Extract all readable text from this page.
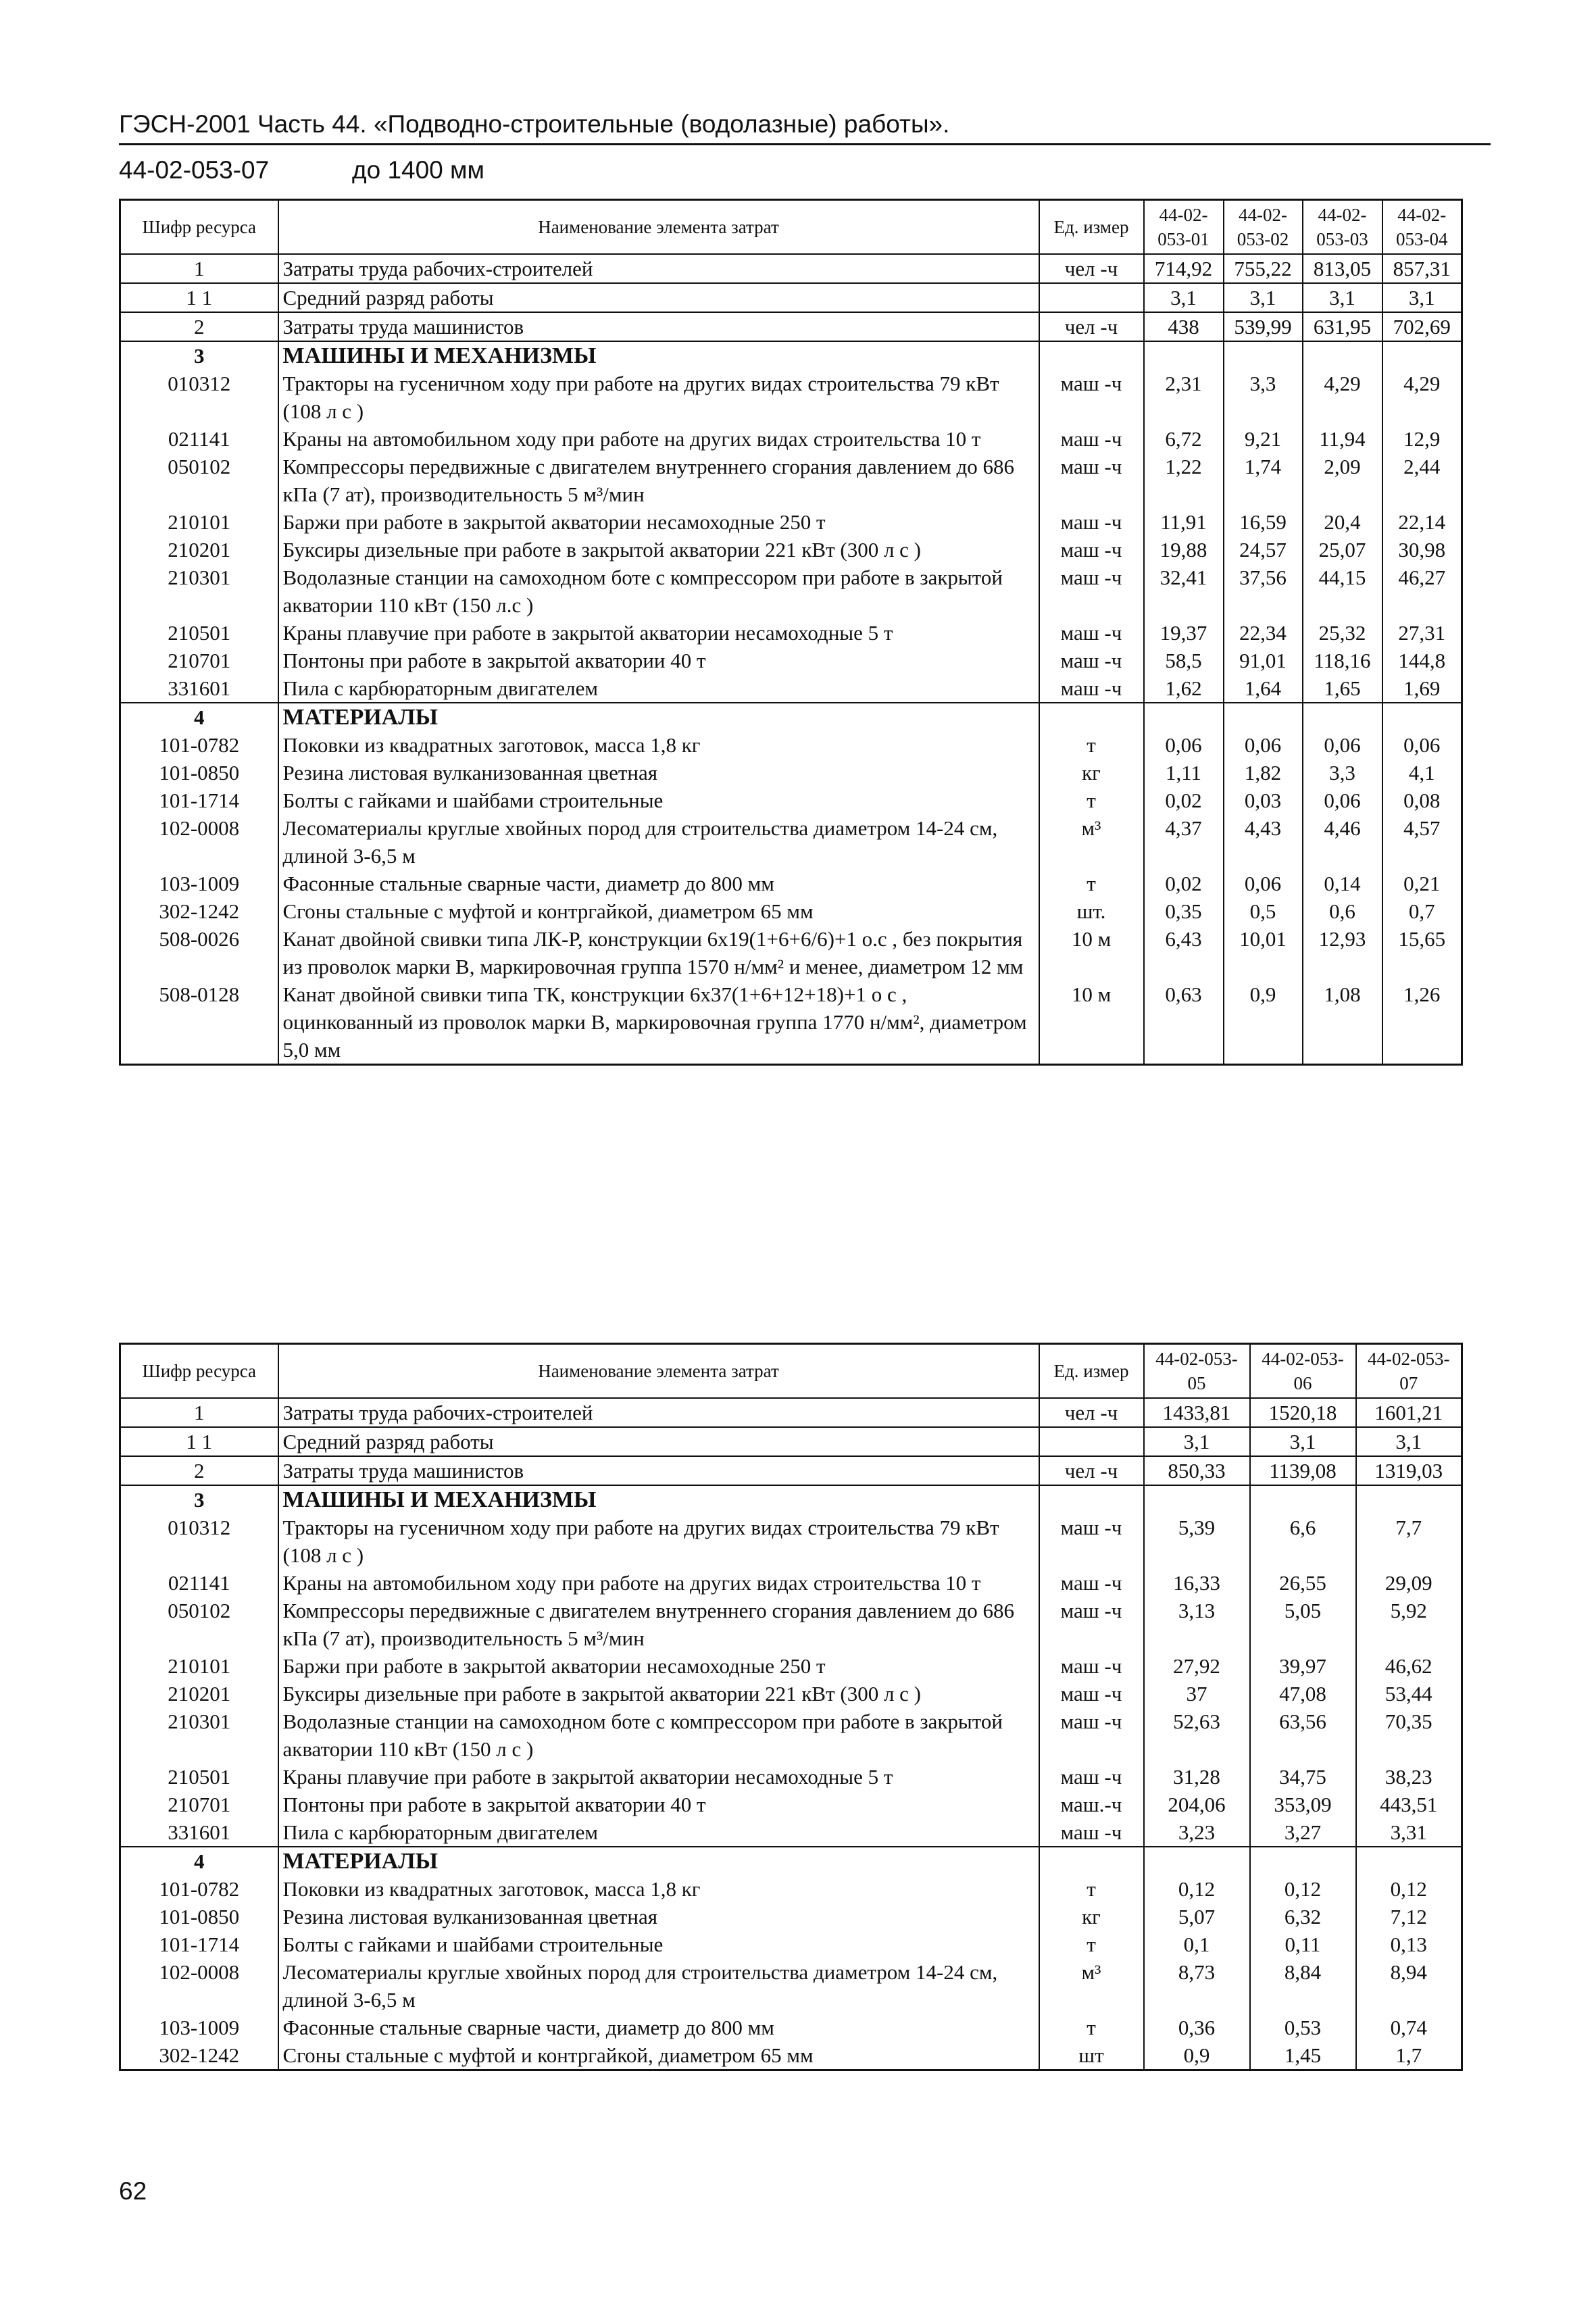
ГЭСН-2001 Часть 44. «Подводно-строительные (водолазные) работы».
44-02-053-07	до 1400 мм
Шифр ресурса	Наименование элемента затрат	Ед. измер	44-02-053-01	44-02-053-02	44-02-053-03	44-02-053-04
1	Затраты труда рабочих-строителей	чел -ч	714,92	755,22	813,05	857,31
1 1	Средний разряд работы		3,1	3,1	3,1	3,1
2	Затраты труда машинистов	чел -ч	438	539,99	631,95	702,69
3	МАШИНЫ И МЕХАНИЗМЫ					
010312	Тракторы на гусеничном ходу при работе на других видах строительства 79 кВт (108 л с )	маш -ч	2,31	3,3	4,29	4,29
021141	Краны на автомобильном ходу при работе на других видах строительства 10 т	маш -ч	6,72	9,21	11,94	12,9
050102	Компрессоры передвижные с двигателем внутреннего сгорания давлением до 686 кПа (7 ат), производительность 5 м³/мин	маш -ч	1,22	1,74	2,09	2,44
210101	Баржи при работе в закрытой акватории несамоходные 250 т	маш -ч	11,91	16,59	20,4	22,14
210201	Буксиры дизельные при работе в закрытой акватории 221 кВт (300 л с )	маш -ч	19,88	24,57	25,07	30,98
210301	Водолазные станции на самоходном боте с компрессором при работе в закрытой акватории 110 кВт (150 л.с )	маш -ч	32,41	37,56	44,15	46,27
210501	Краны плавучие при работе в закрытой акватории несамоходные 5 т	маш -ч	19,37	22,34	25,32	27,31
210701	Понтоны при работе в закрытой акватории 40 т	маш -ч	58,5	91,01	118,16	144,8
331601	Пила с карбюраторным двигателем	маш -ч	1,62	1,64	1,65	1,69
4	МАТЕРИАЛЫ					
101-0782	Поковки из квадратных заготовок, масса 1,8 кг	т	0,06	0,06	0,06	0,06
101-0850	Резина листовая вулканизованная цветная	кг	1,11	1,82	3,3	4,1
101-1714	Болты с гайками и шайбами строительные	т	0,02	0,03	0,06	0,08
102-0008	Лесоматериалы круглые хвойных пород для строительства диаметром 14-24 см, длиной 3-6,5 м	м³	4,37	4,43	4,46	4,57
103-1009	Фасонные стальные сварные части, диаметр до 800 мм	т	0,02	0,06	0,14	0,21
302-1242	Сгоны стальные с муфтой и контргайкой, диаметром 65 мм	шт.	0,35	0,5	0,6	0,7
508-0026	Канат двойной свивки типа ЛК-Р, конструкции 6х19(1+6+6/6)+1 о.с , без покрытия из проволок марки В, маркировочная группа 1570 н/мм² и менее, диаметром 12 мм	10 м	6,43	10,01	12,93	15,65
508-0128	Канат двойной свивки типа ТК, конструкции 6х37(1+6+12+18)+1 о с , оцинкованный из проволок марки В, маркировочная группа 1770 н/мм², диаметром 5,0 мм	10 м	0,63	0,9	1,08	1,26
Шифр ресурса	Наименование элемента затрат	Ед. измер	44-02-053-05	44-02-053-06	44-02-053-07
1	Затраты труда рабочих-строителей	чел -ч	1433,81	1520,18	1601,21
1 1	Средний разряд работы		3,1	3,1	3,1
2	Затраты труда машинистов	чел -ч	850,33	1139,08	1319,03
3	МАШИНЫ И МЕХАНИЗМЫ				
010312	Тракторы на гусеничном ходу при работе на других видах строительства 79 кВт (108 л с )	маш -ч	5,39	6,6	7,7
021141	Краны на автомобильном ходу при работе на других видах строительства 10 т	маш -ч	16,33	26,55	29,09
050102	Компрессоры передвижные с двигателем внутреннего сгорания давлением до 686 кПа (7 ат), производительность 5 м³/мин	маш -ч	3,13	5,05	5,92
210101	Баржи при работе в закрытой акватории несамоходные 250 т	маш -ч	27,92	39,97	46,62
210201	Буксиры дизельные при работе в закрытой акватории 221 кВт (300 л с )	маш -ч	37	47,08	53,44
210301	Водолазные станции на самоходном боте с компрессором при работе в закрытой акватории 110 кВт (150 л с )	маш -ч	52,63	63,56	70,35
210501	Краны плавучие при работе в закрытой акватории несамоходные 5 т	маш -ч	31,28	34,75	38,23
210701	Понтоны при работе в закрытой акватории 40 т	маш.-ч	204,06	353,09	443,51
331601	Пила с карбюраторным двигателем	маш -ч	3,23	3,27	3,31
4	МАТЕРИАЛЫ				
101-0782	Поковки из квадратных заготовок, масса 1,8 кг	т	0,12	0,12	0,12
101-0850	Резина листовая вулканизованная цветная	кг	5,07	6,32	7,12
101-1714	Болты с гайками и шайбами строительные	т	0,1	0,11	0,13
102-0008	Лесоматериалы круглые хвойных пород для строительства диаметром 14-24 см, длиной 3-6,5 м	м³	8,73	8,84	8,94
103-1009	Фасонные стальные сварные части, диаметр до 800 мм	т	0,36	0,53	0,74
302-1242	Сгоны стальные с муфтой и контргайкой, диаметром 65 мм	шт	0,9	1,45	1,7
62
